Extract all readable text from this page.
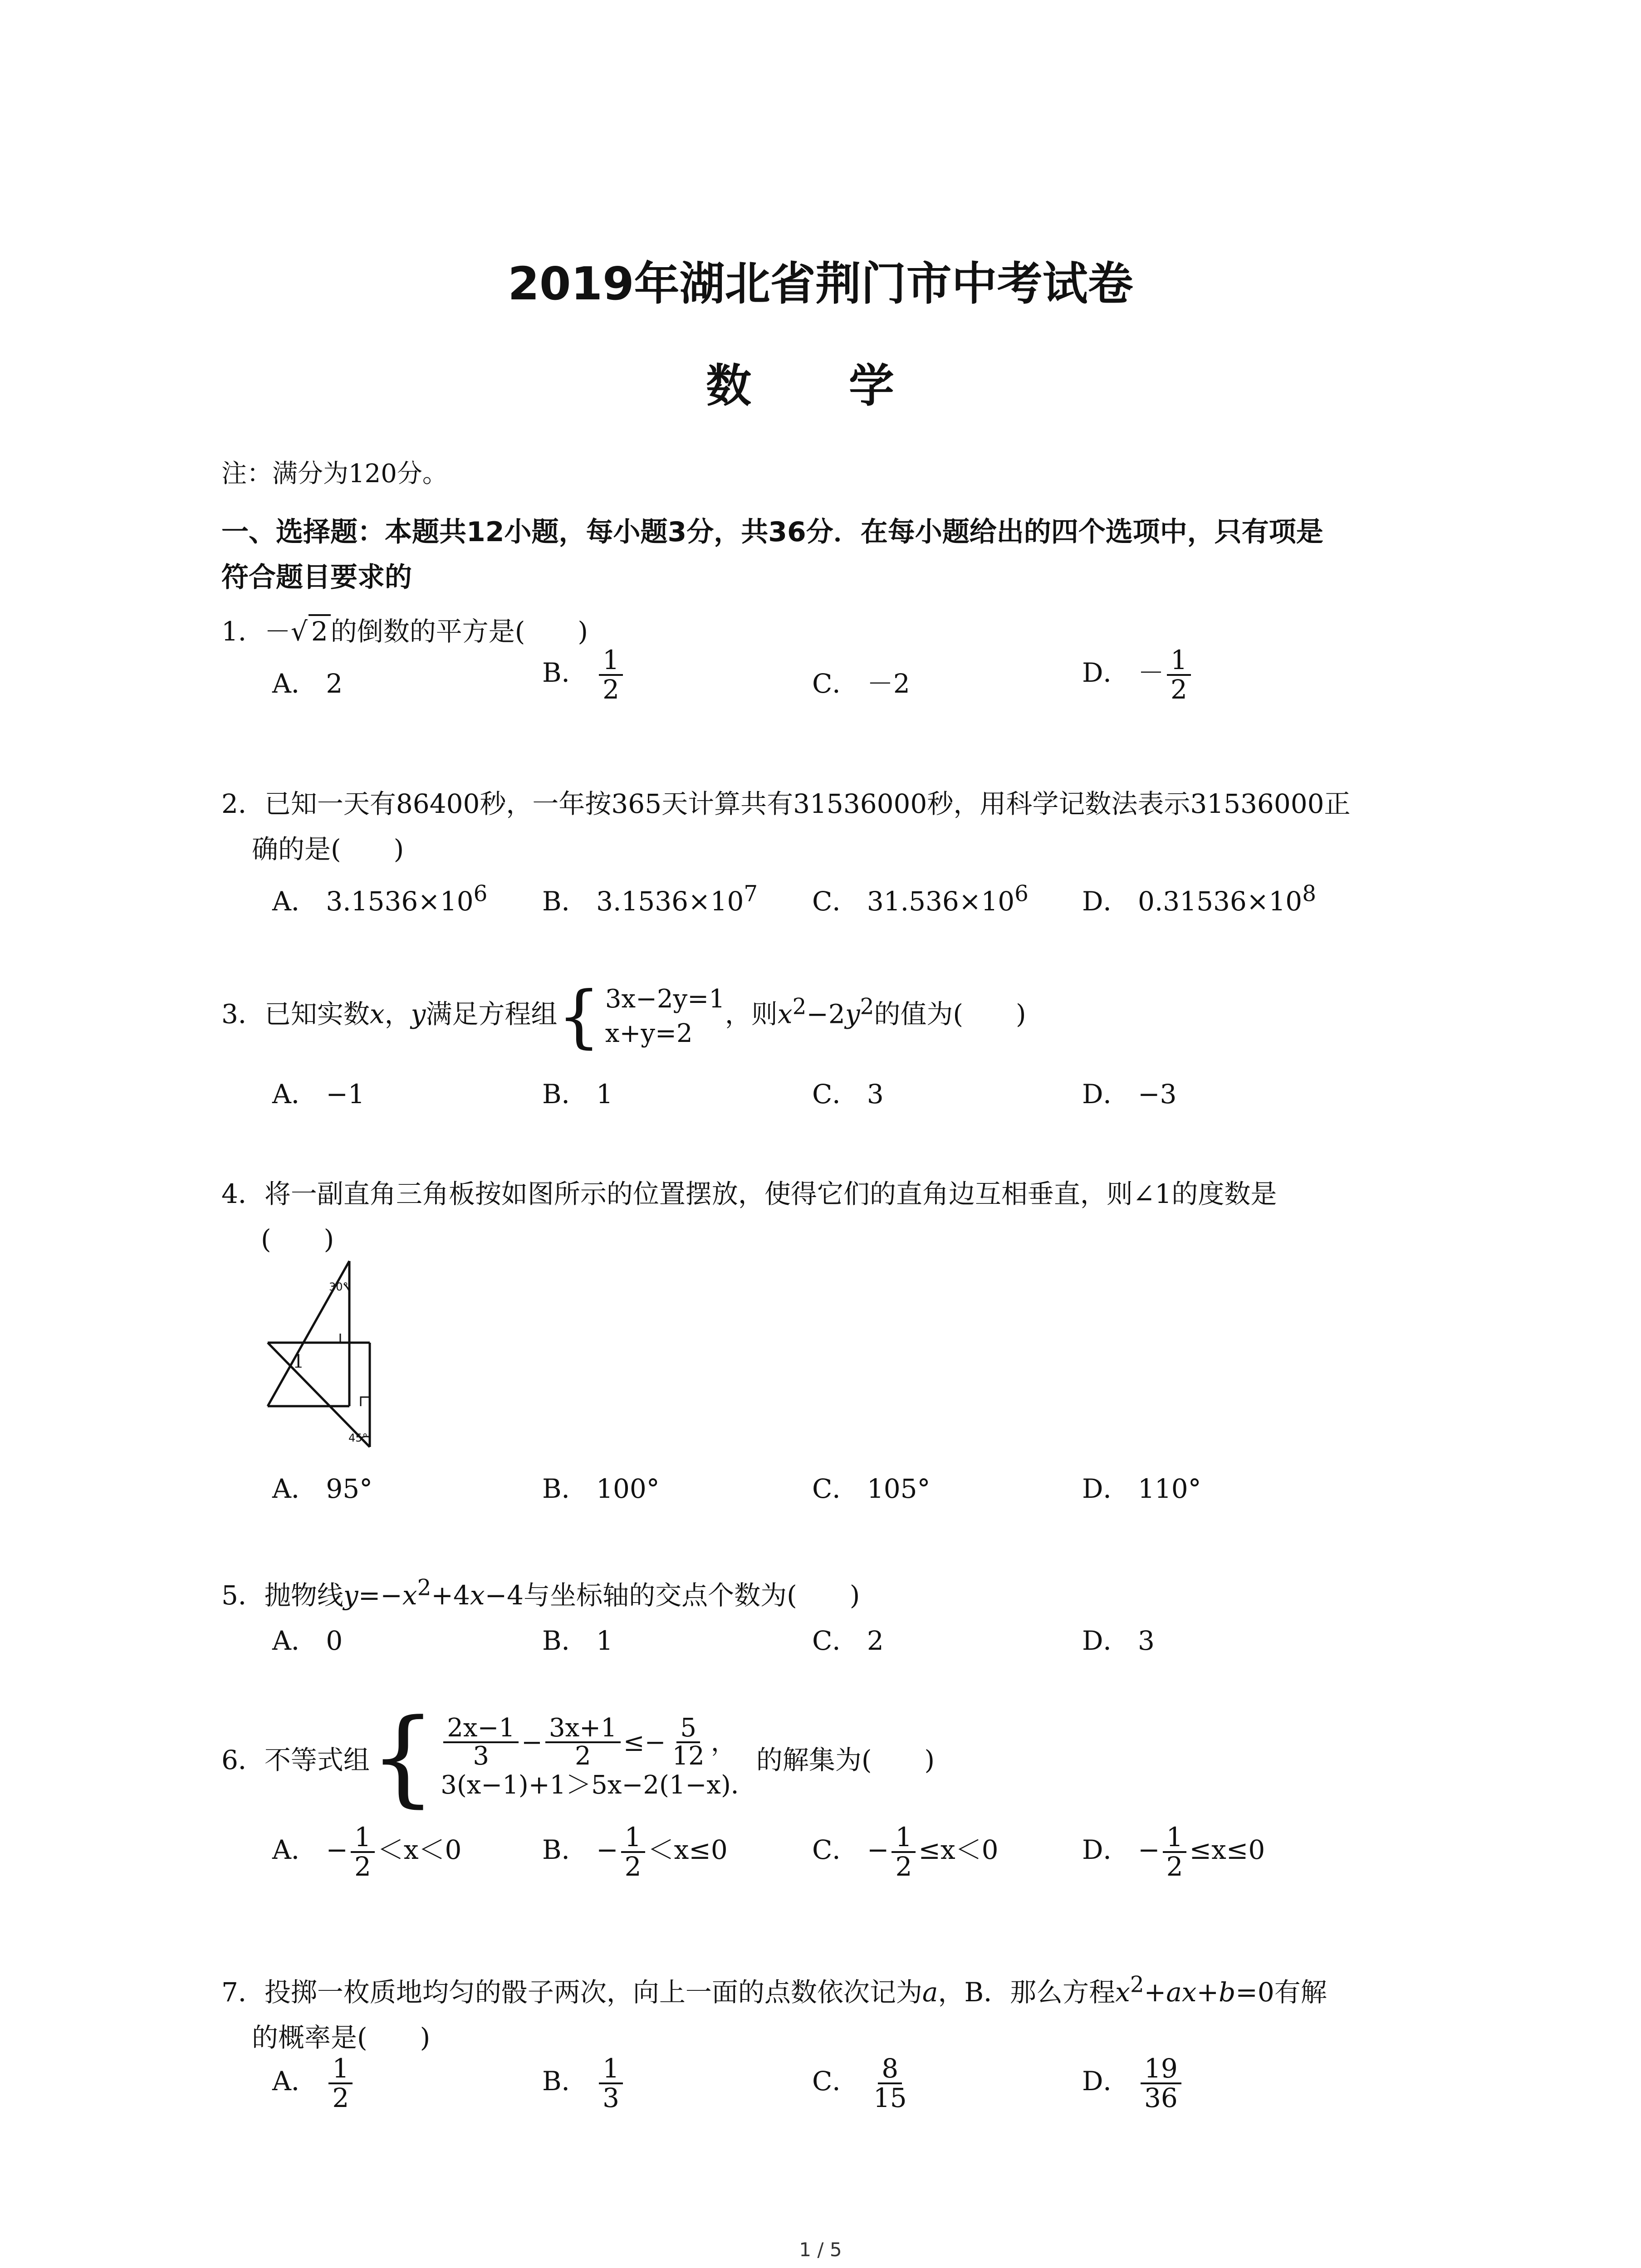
2019年湖北省荆门市中考试卷
数 学
注：满分为120分。
一、选择题：本题共12小题，每小题3分，共36分．在每小题给出的四个选项中，只有项是
符合题目要求的
1．－√ 2 的倒数的平方是(　　)
A． 2	B． $\frac{1}{2}$	C． －2	D． － $\frac{1}{2}$
2．已知一天有86400秒，一年按365天计算共有31536000秒，用科学记数法表示31536000正
确的是(　　)
A． $3.1536\times 10^6$ B． $3.1536\times 10^7$ C． $31.536\times 10^6$ D． $0.31536\times 10^8$
3．已知实数x，y满足方程组{ 3x−2y=1
x+y=2
，则$x^2-2y^2$的值为(　　)
A． −1	B． 1	C． 3	D． −3
4．将一副直角三角板按如图所示的位置摆放，使得它们的直角边互相垂直，则∠1的度数是
(　　)
30°
1
45°
A． 95°	B． 100°	C． 105°	D． 110°
5．抛物线$y=-x^2+4x-4$与坐标轴的交点个数为(　　)
A． 0	B． 1	C． 2	D． 3
6．不等式组{ $\frac{2x-1}{3} - \frac{3x+1}{2} \le- \frac{5}{12}$ ，
3(x−1)+1＞5x−2(1−x)．
的解集为(　　)
A． − $\frac{1}{2} <x<0$	B． − $\frac{1}{2} <x\le 0$	C． − $\frac{1}{2} \le x<0$	D． − $\frac{1}{2} \le x\le 0$
7．投掷一枚质地均匀的骰子两次，向上一面的点数依次记为a，B．那么方程$x^2+ax+b=0$有解
的概率是(　　)
A． $\frac{1}{2}$	B． $\frac{1}{3}$	C． $\frac{8}{15}$	D． $\frac{19}{36}$
1 / 5
